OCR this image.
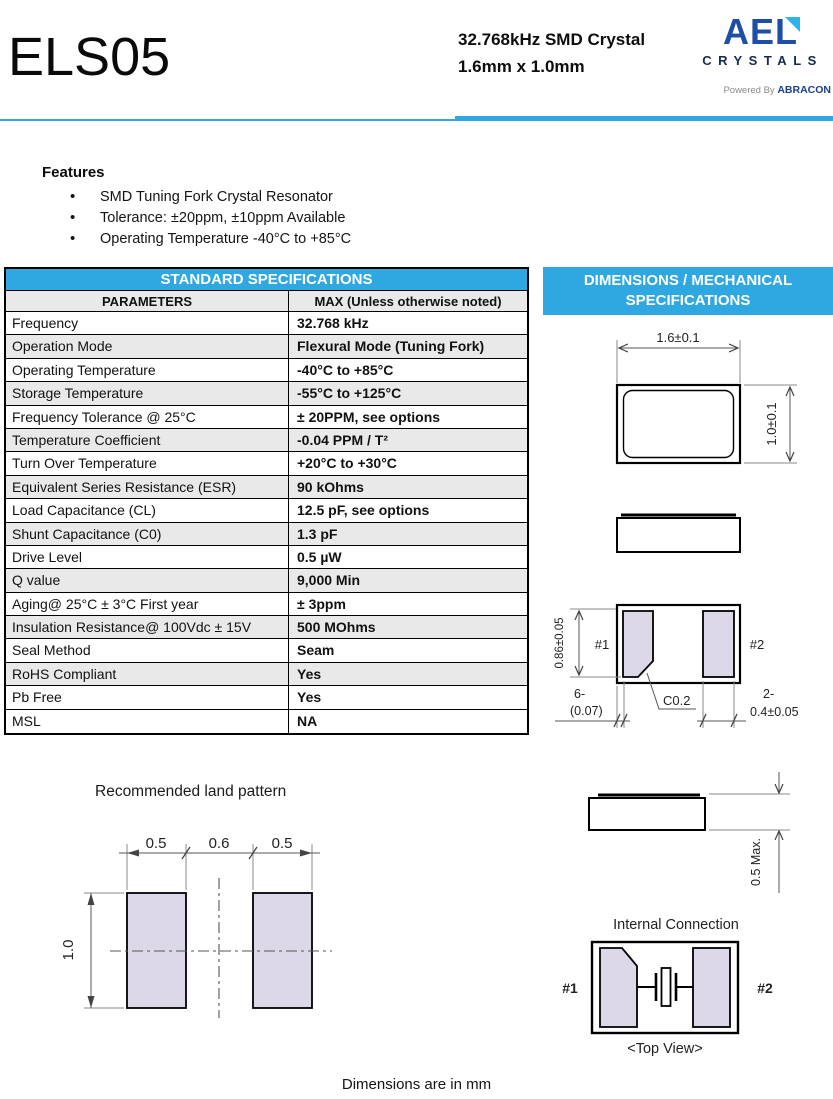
ELS05	32.768kHz SMD Crystal
1.6mm x 1.0mm
AEL
CRYSTALS
Powered By ABRACON
Features
• SMD Tuning Fork Crystal Resonator
• Tolerance: ±20ppm, ±10ppm Available
• Operating Temperature -40°C to +85°C
STANDARD SPECIFICATIONS
PARAMETERS	MAX (Unless otherwise noted)
Frequency	32.768 kHz
Operation Mode	Flexural Mode (Tuning Fork)
Operating Temperature	-40°C to +85°C
Storage Temperature	-55°C to +125°C
Frequency Tolerance @ 25°C	± 20PPM, see options
Temperature Coefficient	-0.04 PPM / T²
Turn Over Temperature	+20°C to +30°C
Equivalent Series Resistance (ESR)	90 kOhms
Load Capacitance (CL)	12.5 pF, see options
Shunt Capacitance (C0)	1.3 pF
Drive Level	0.5 µW
Q value	9,000 Min
Aging@ 25°C ± 3°C First year	± 3ppm
Insulation Resistance@ 100Vdc ± 15V	500 MOhms
Seal Method	Seam
RoHS Compliant	Yes
Pb Free	Yes
MSL	NA
DIMENSIONS / MECHANICAL
SPECIFICATIONS
1.6±0.1
1.0±0.1
0.86±0.05 #1	#2
6-
(0.07)
C0.2	2-
0.4±0.05
0.5 Max.
Internal Connection
#1	#2
<Top View>
Recommended land pattern
0.5	0.6	0.5
1.0
Dimensions are in mm
